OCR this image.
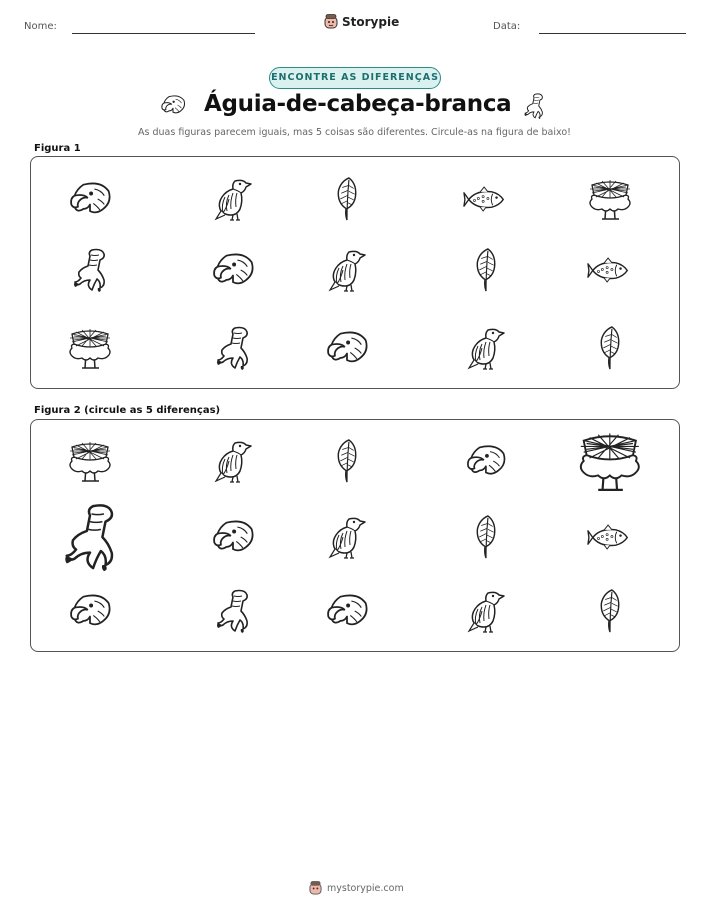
Nome:	Storypie	Data:
ENCONTRE AS DIFERENÇAS
Águia-de-cabeça-branca
As duas figuras parecem iguais, mas 5 coisas são diferentes. Circule-as na figura de baixo!
Figura 1
Figura 2 (circule as 5 diferenças)
mystorypie.com
